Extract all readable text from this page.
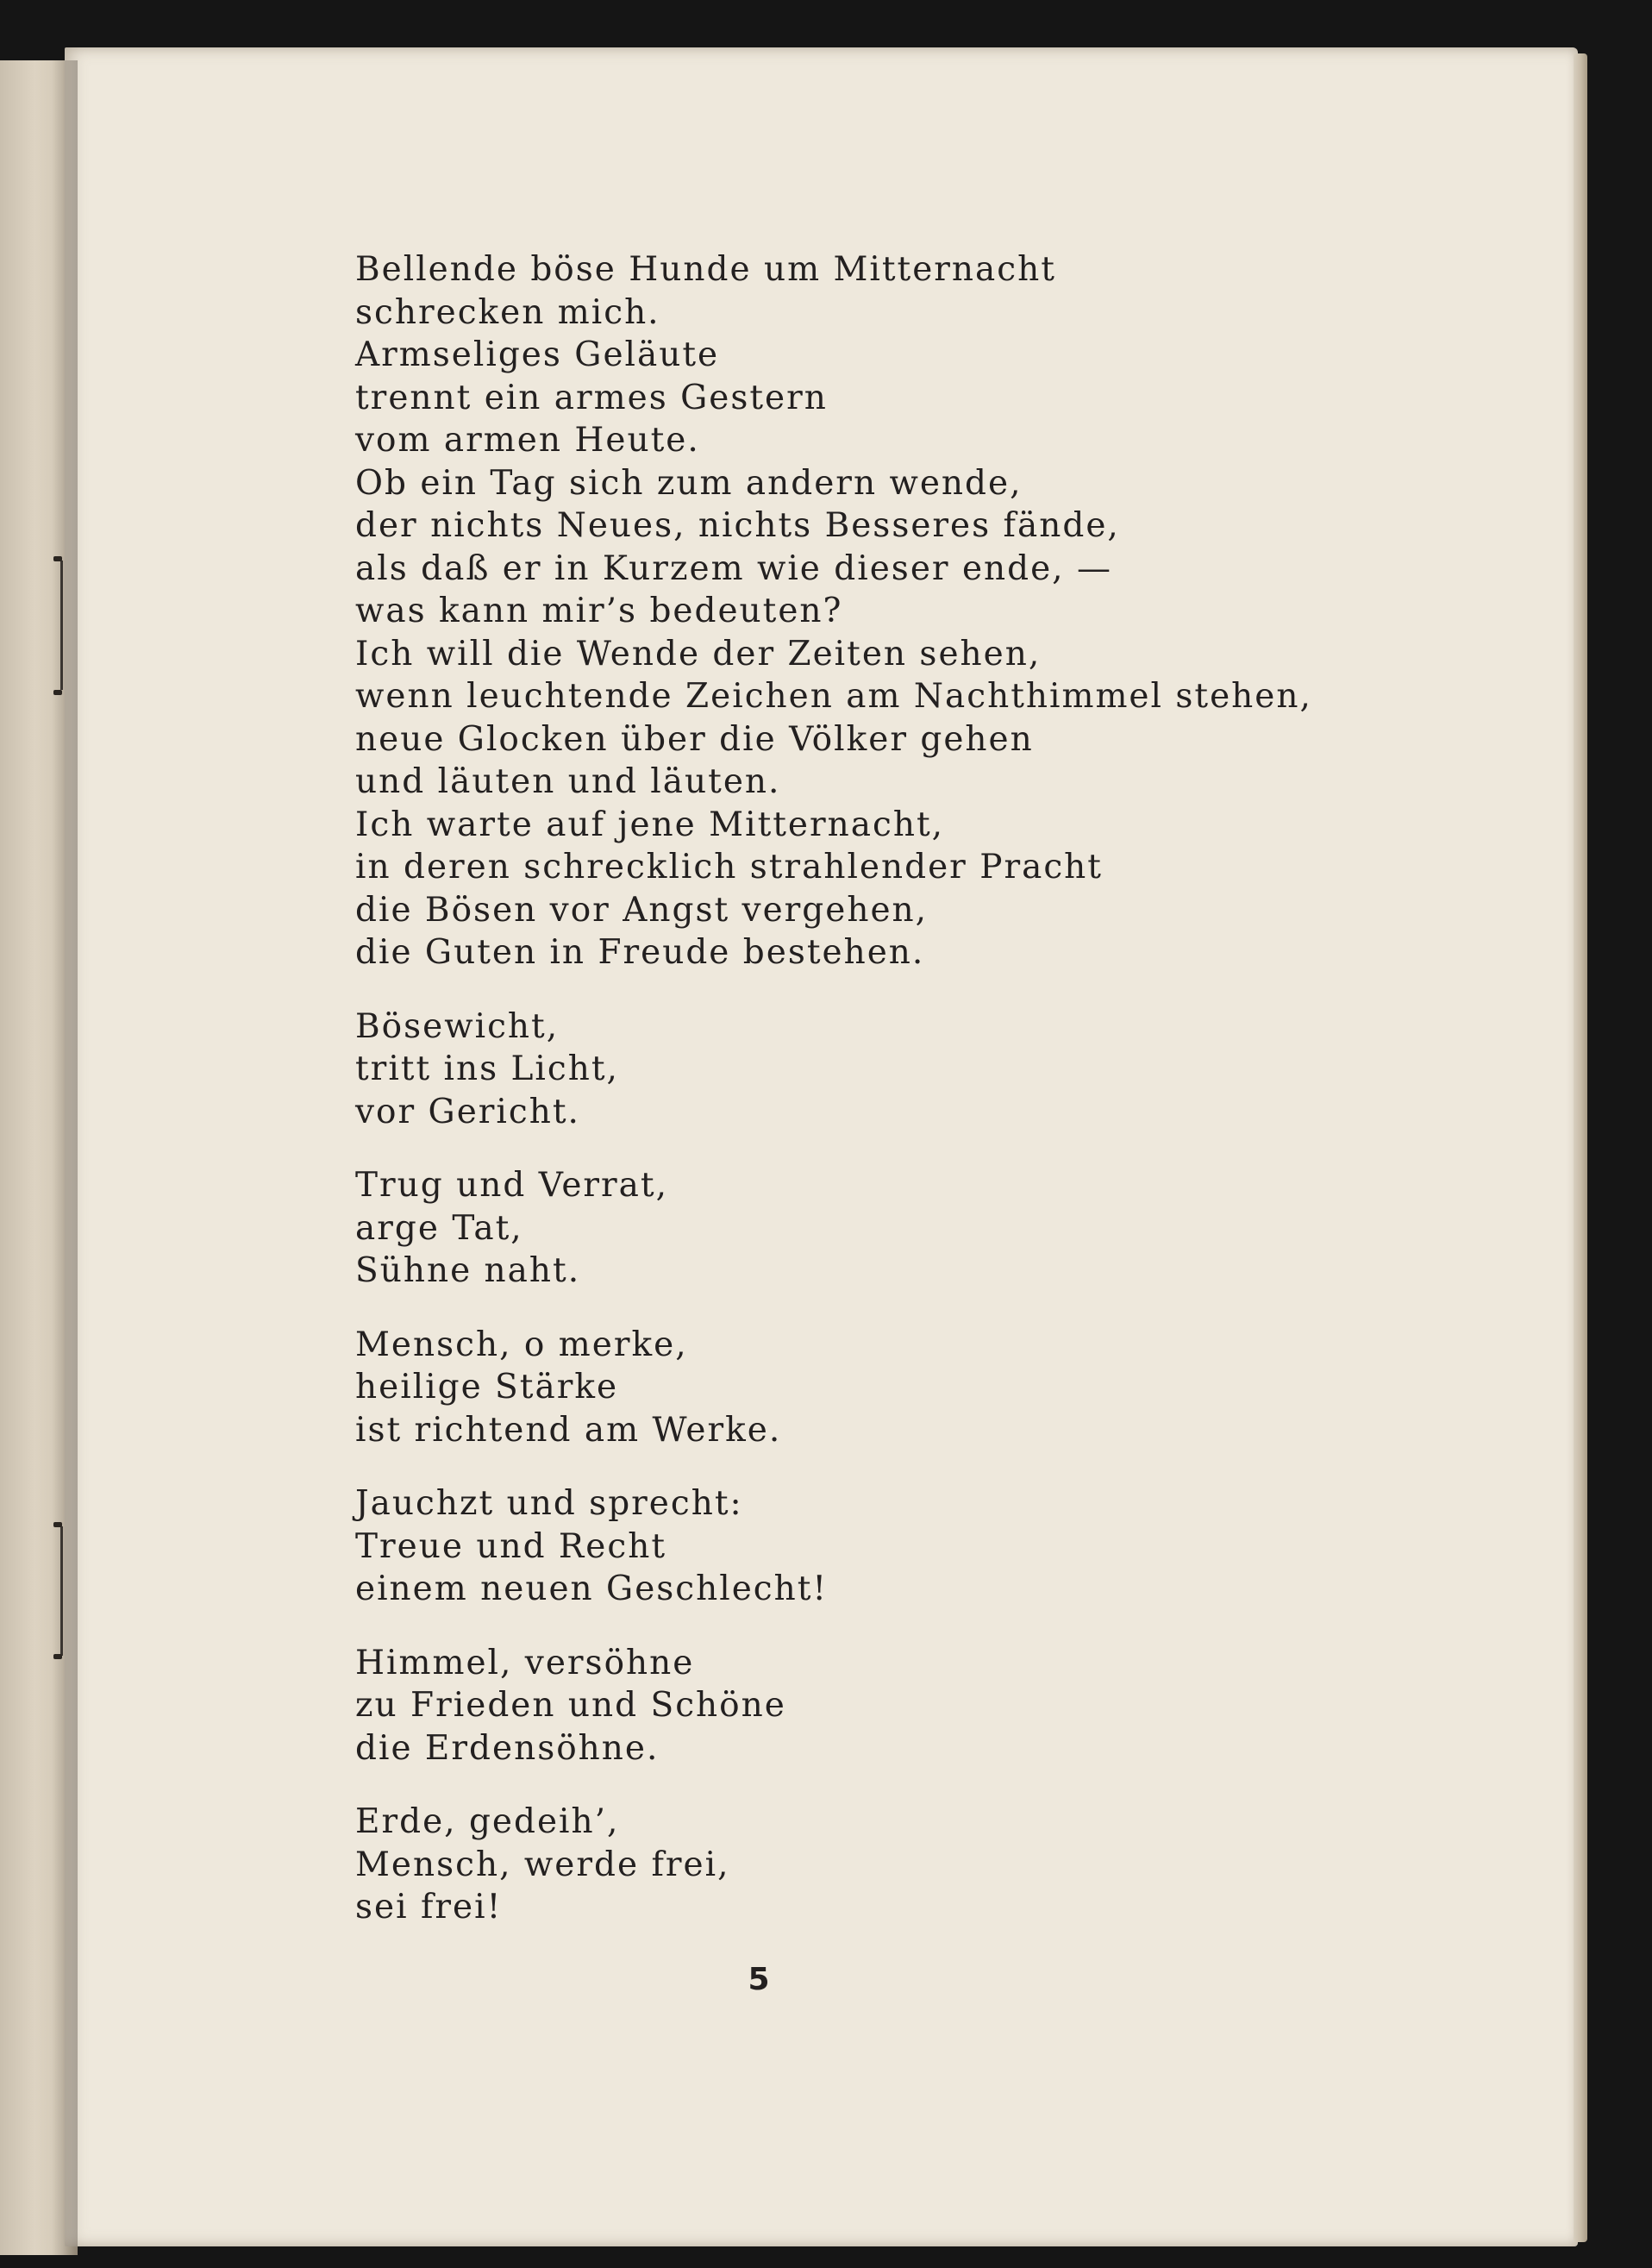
Bellende böse Hunde um Mitternacht
schrecken mich.
Armseliges Geläute
trennt ein armes Gestern
vom armen Heute.
Ob ein Tag sich zum andern wende,
der nichts Neues, nichts Besseres fände,
als daß er in Kurzem wie dieser ende, —
was kann mir’s bedeuten?
Ich will die Wende der Zeiten sehen,
wenn leuchtende Zeichen am Nachthimmel stehen,
neue Glocken über die Völker gehen
und läuten und läuten.
Ich warte auf jene Mitternacht,
in deren schrecklich strahlender Pracht
die Bösen vor Angst vergehen,
die Guten in Freude bestehen.
Bösewicht,
tritt ins Licht,
vor Gericht.
Trug und Verrat,
arge Tat,
Sühne naht.
Mensch, o merke,
heilige Stärke
ist richtend am Werke.
Jauchzt und sprecht:
Treue und Recht
einem neuen Geschlecht!
Himmel, versöhne
zu Frieden und Schöne
die Erdensöhne.
Erde, gedeih’,
Mensch, werde frei,
sei frei!
5
